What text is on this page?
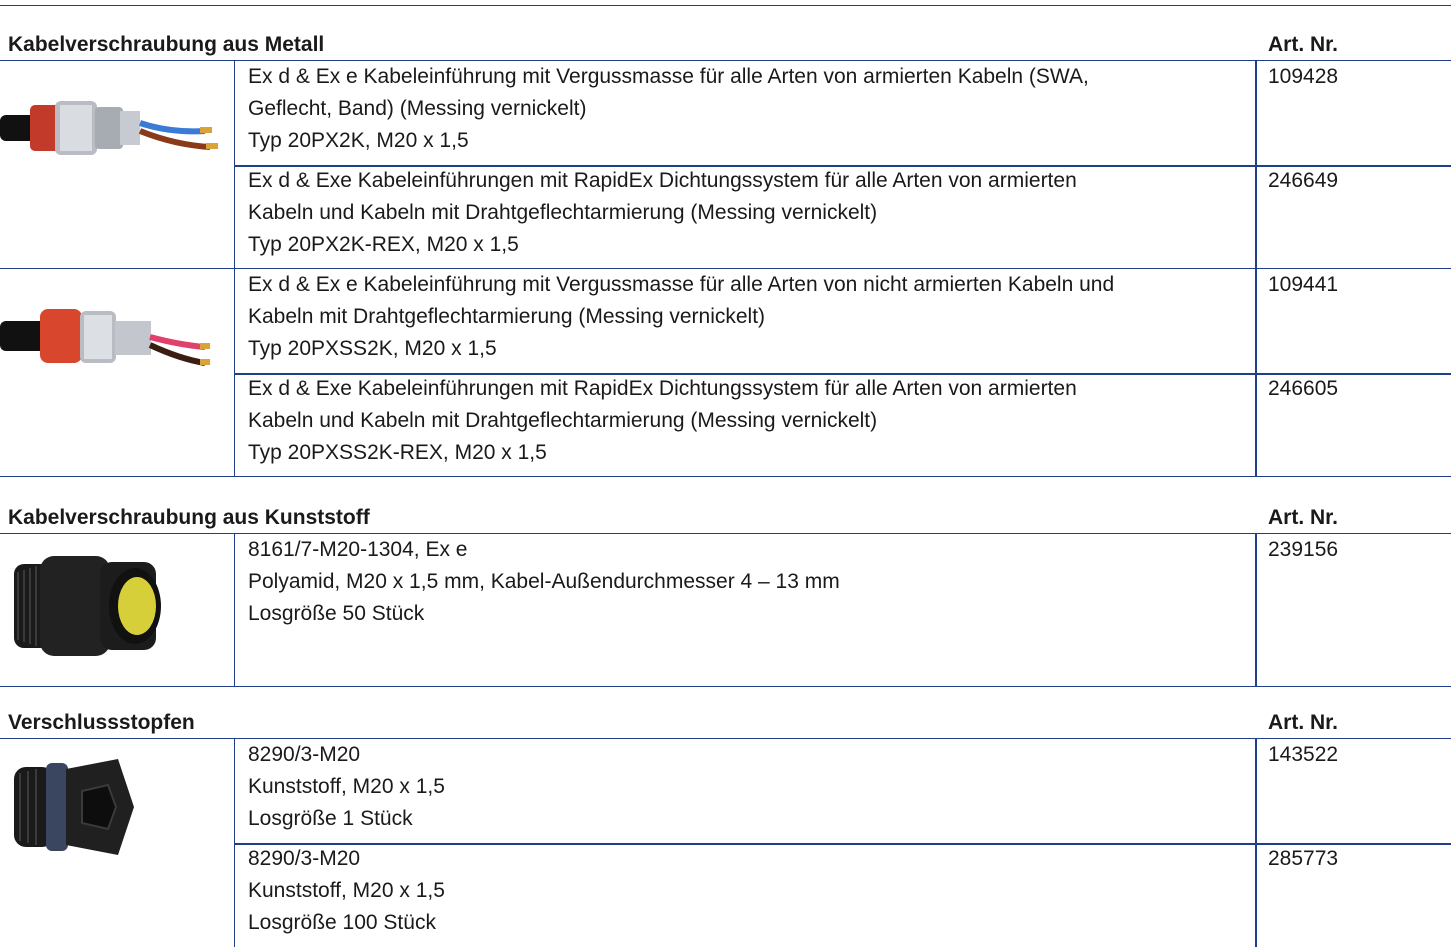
Kabelverschraubung aus Metall	Art. Nr.
Ex d & Ex e Kabeleinführung mit Vergussmasse für alle Arten von armierten Kabeln (SWA,
Geflecht, Band) (Messing vernickelt)
Typ 20PX2K, M20 x 1,5
109428
Ex d & Exe Kabeleinführungen mit RapidEx Dichtungssystem für alle Arten von armierten
Kabeln und Kabeln mit Drahtgeflechtarmierung (Messing vernickelt)
Typ 20PX2K-REX, M20 x 1,5
246649
Ex d & Ex e Kabeleinführung mit Vergussmasse für alle Arten von nicht armierten Kabeln und
Kabeln mit Drahtgeflechtarmierung (Messing vernickelt)
Typ 20PXSS2K, M20 x 1,5
109441
Ex d & Exe Kabeleinführungen mit RapidEx Dichtungssystem für alle Arten von armierten
Kabeln und Kabeln mit Drahtgeflechtarmierung (Messing vernickelt)
Typ 20PXSS2K-REX, M20 x 1,5
246605
Kabelverschraubung aus Kunststoff	Art. Nr.
8161/7-M20-1304, Ex e
Polyamid, M20 x 1,5 mm, Kabel-Außendurchmesser 4 – 13 mm
Losgröße 50 Stück
239156
Verschlussstopfen	Art. Nr.
8290/3-M20
Kunststoff, M20 x 1,5
Losgröße 1 Stück
143522
8290/3-M20
Kunststoff, M20 x 1,5
Losgröße 100 Stück
285773
